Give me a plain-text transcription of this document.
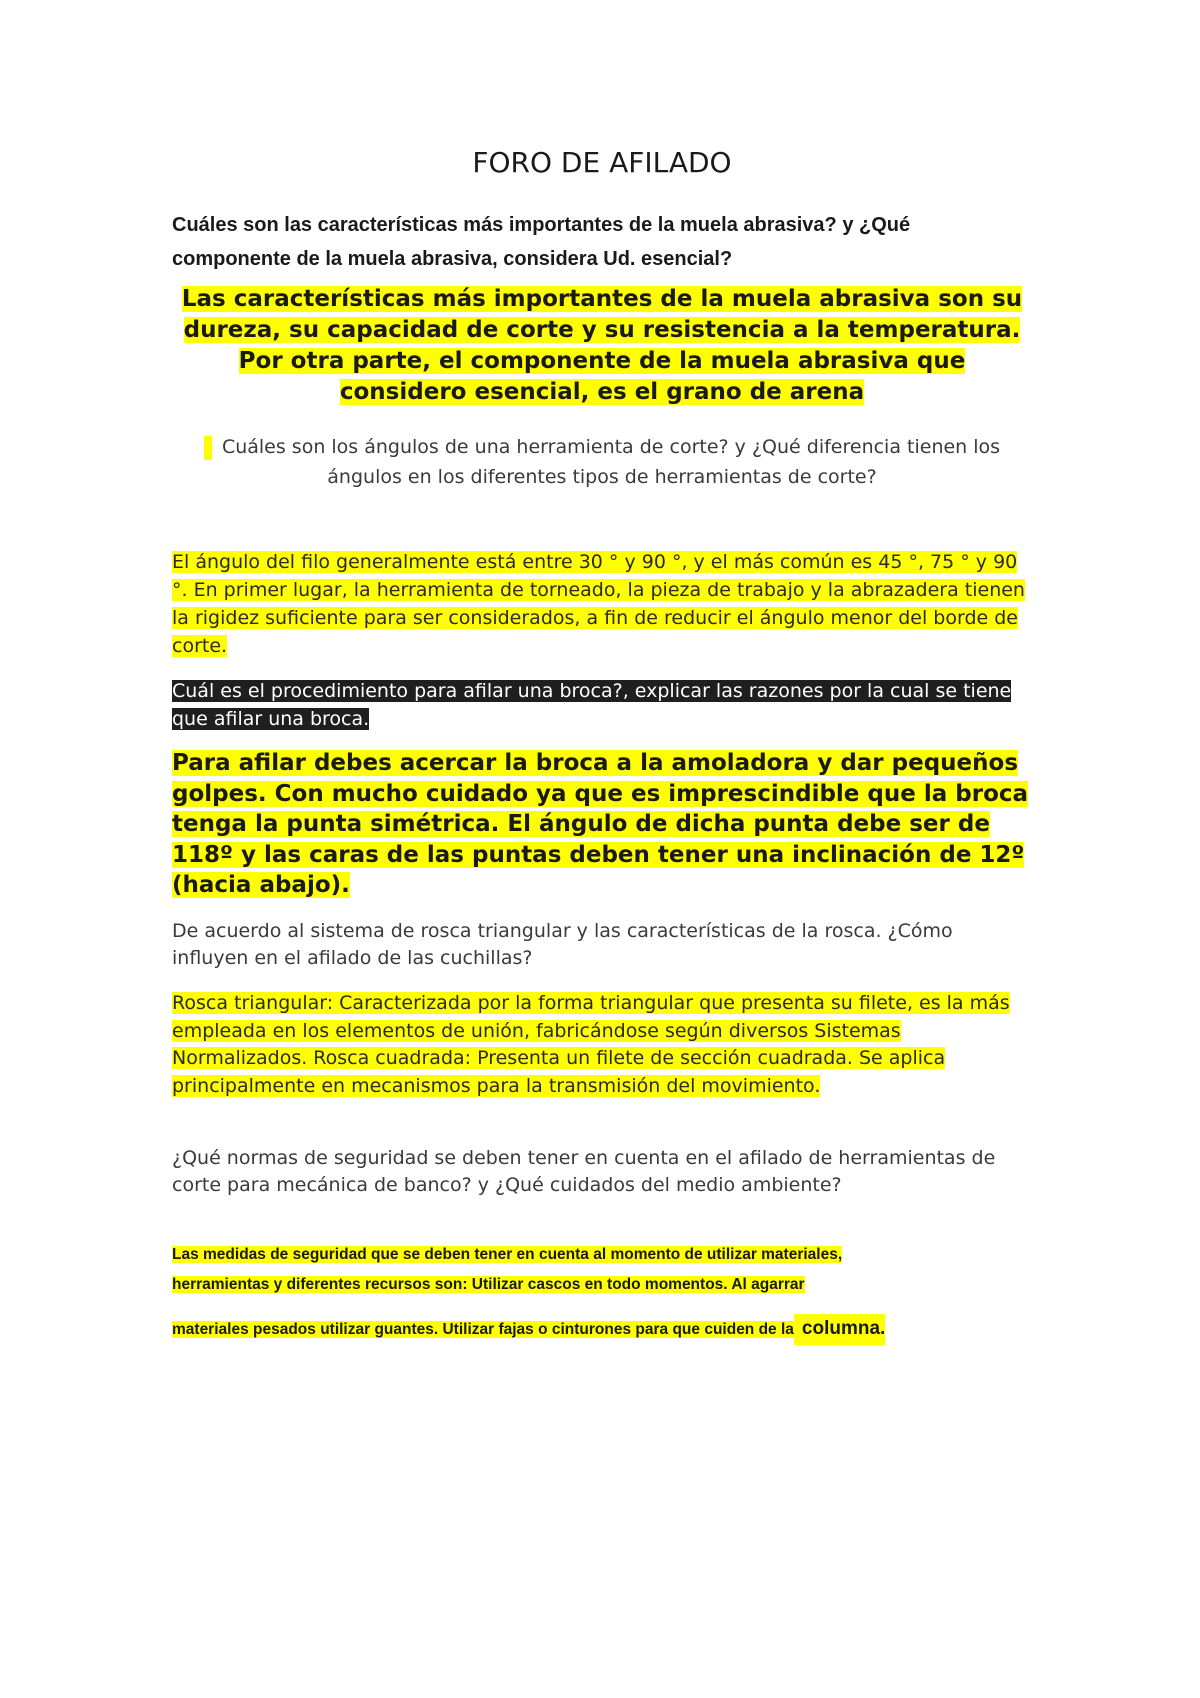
FORO DE AFILADO

Cuáles son las características más importantes de la muela abrasiva? y ¿Qué componente de la muela abrasiva, considera Ud. esencial?

Las características más importantes de la muela abrasiva son su dureza, su capacidad de corte y su resistencia a la temperatura. Por otra parte, el componente de la muela abrasiva que considero esencial, es el grano de arena

Cuáles son los ángulos de una herramienta de corte? y ¿Qué diferencia tienen los ángulos en los diferentes tipos de herramientas de corte?

El ángulo del filo generalmente está entre 30 ° y 90 °, y el más común es 45 °, 75 ° y 90 °. En primer lugar, la herramienta de torneado, la pieza de trabajo y la abrazadera tienen la rigidez suficiente para ser considerados, a fin de reducir el ángulo menor del borde de corte.

Cuál es el procedimiento para afilar una broca?, explicar las razones por la cual se tiene que afilar una broca.

Para afilar debes acercar la broca a la amoladora y dar pequeños golpes. Con mucho cuidado ya que es imprescindible que la broca tenga la punta simétrica. El ángulo de dicha punta debe ser de 118º y las caras de las puntas deben tener una inclinación de 12º (hacia abajo).

De acuerdo al sistema de rosca triangular y las características de la rosca. ¿Cómo influyen en el afilado de las cuchillas?

Rosca triangular: Caracterizada por la forma triangular que presenta su filete, es la más empleada en los elementos de unión, fabricándose según diversos Sistemas Normalizados. Rosca cuadrada: Presenta un filete de sección cuadrada. Se aplica principalmente en mecanismos para la transmisión del movimiento.

¿Qué normas de seguridad se deben tener en cuenta en el afilado de herramientas de corte para mecánica de banco? y ¿Qué cuidados del medio ambiente?

Las medidas de seguridad que se deben tener en cuenta al momento de utilizar materiales,
herramientas y diferentes recursos son: Utilizar cascos en todo momentos. Al agarrar
materiales pesados utilizar guantes. Utilizar fajas o cinturones para que cuiden de la columna.
